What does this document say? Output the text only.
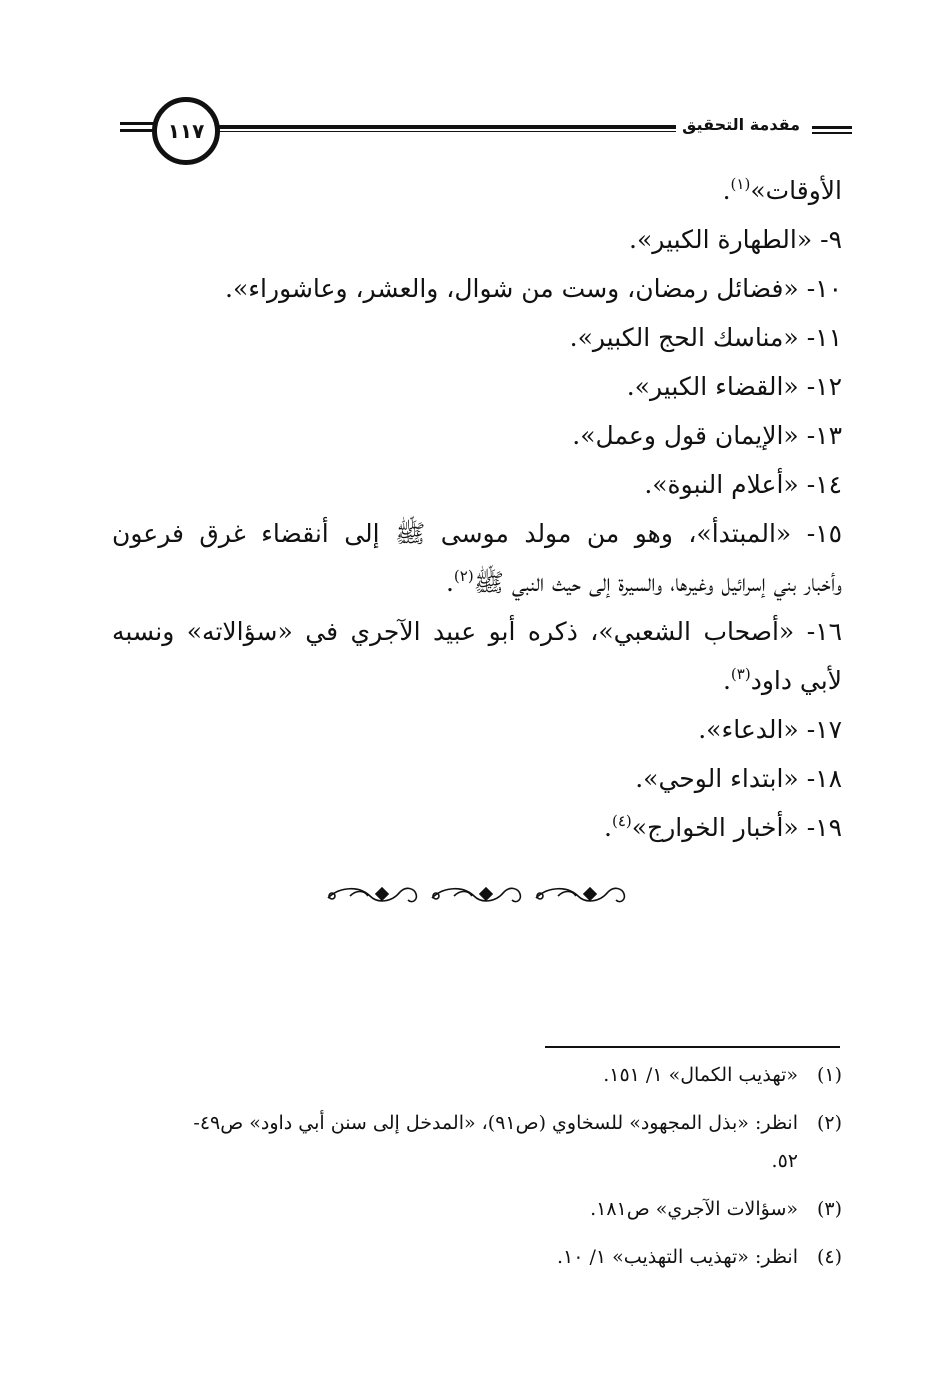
١١٧	مقدمة التحقيق
الأوقات»$^{(١)}$.
٩- «الطهارة الكبير».
١٠- «فضائل رمضان، وست من شوال، والعشر، وعاشوراء».
١١- «مناسك الحج الكبير».
١٢- «القضاء الكبير».
١٣- «الإيمان قول وعمل».
١٤- «أعلام النبوة».
١٥- «المبتدأ»، وهو من مولد موسى ﷺ إلى أنقضاء غرق فرعون
وأخبار بني إسرائيل وغيرها، والسيرة إلى حيث النبي ﷺ$^{(٢)}$.
١٦- «أصحاب الشعبي»، ذكره أبو عبيد الآجري في «سؤالاته» ونسبه
لأبي داود$^{(٣)}$.
١٧- «الدعاء».
١٨- «ابتداء الوحي».
١٩- «أخبار الخوارج»$^{(٤)}$.
(١)«تهذيب الكمال» ١/ ١٥١.
(٢)انظر: «بذل المجهود» للسخاوي (ص٩١)، «المدخل إلى سنن أبي داود» ص٤٩-
٥٢.
(٣)«سؤالات الآجري» ص١٨١.
(٤)انظر: «تهذيب التهذيب» ١/ ١٠.
